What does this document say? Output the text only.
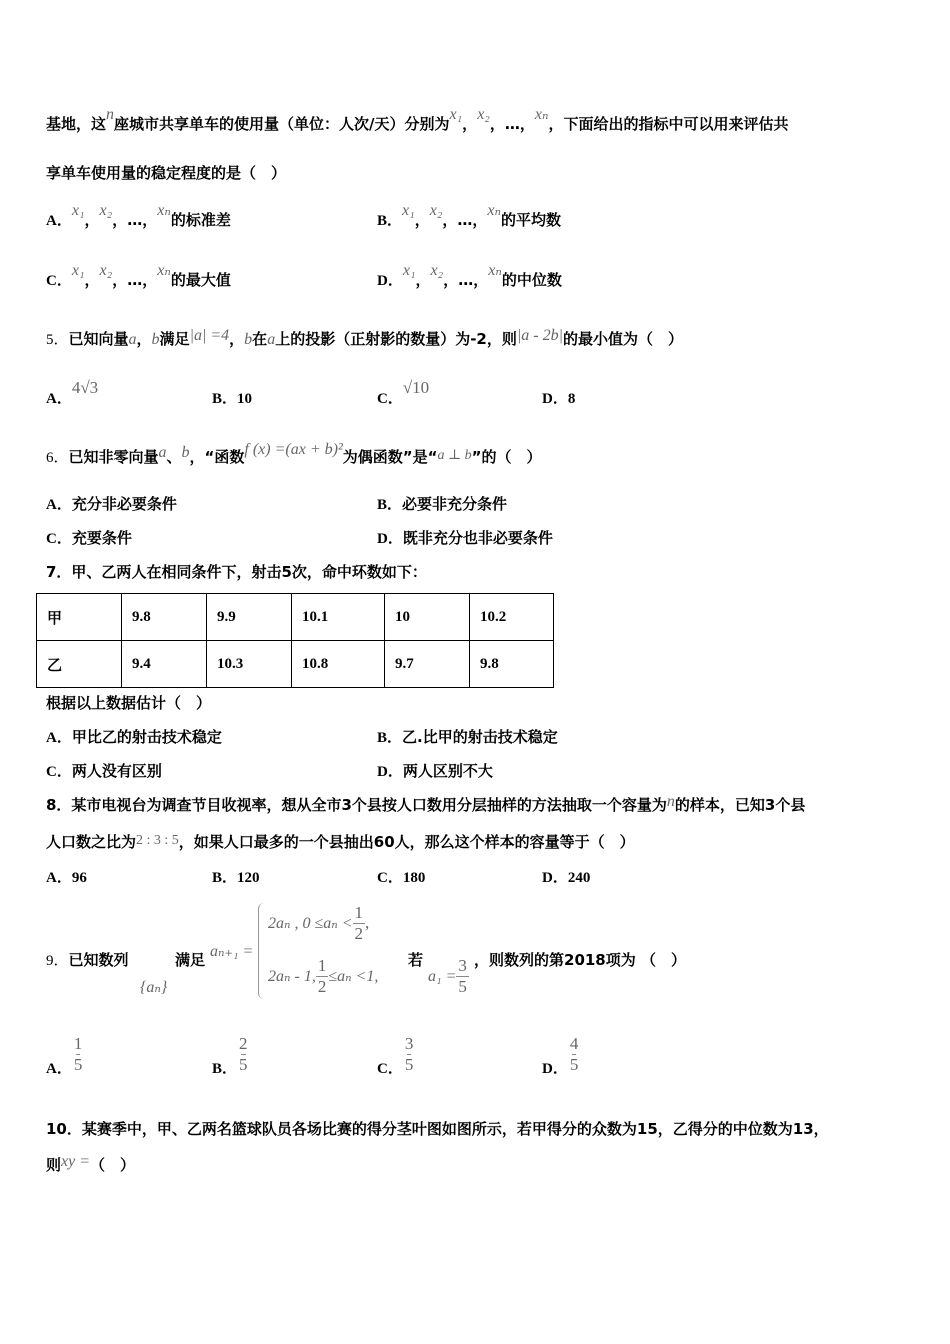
基地，这n座城市共享单车的使用量（单位：人次/天）分别为x₁，x₂，…，xₙ，下面给出的指标中可以用来评估共
享单车使用量的稳定程度的是（　）
A．x₁，x₂，…，xₙ的标准差	B．x₁，x₂，…，xₙ的平均数
C．x₁，x₂，…，xₙ的最大值	D．x₁，x₂，…，xₙ的中位数
5．已知向量a，b满足|a| =4，b在a上的投影（正射影的数量）为-2，则|a - 2b|的最小值为（　）
A．4√3
B．10	C．√10
D．8
6．已知非零向量a、b，“函数f (x) =(ax + b)²为偶函数”是“a ⊥ b”的（　）
A．充分非必要条件	B．必要非充分条件
C．充要条件	D．既非充分也非必要条件
7．甲、乙两人在相同条件下，射击5次，命中环数如下：
甲	9.8	9.9	10.1	10	10.2
乙	9.4	10.3	10.8	9.7	9.8
根据以上数据估计（　）
A．甲比乙的射击技术稳定	B．乙.比甲的射击技术稳定
C．两人没有区别	D．两人区别不大
8．某市电视台为调查节目收视率，想从全市3个县按人口数用分层抽样的方法抽取一个容量为n的样本，已知3个县
人口数之比为2 : 3 : 5，如果人口最多的一个县抽出60人，那么这个样本的容量等于（　）
A．96	B．120	C．180	D．240
9．已知数列
{aₙ}
满足 aₙ₊₁ =
2aₙ , $0 \le a_n < \frac{1}{2}$ ,
2aₙ - 1, $\frac{1}{2} \le a_n <1$,
若
$a_1 = \frac{3}{5}$ ，则数列的第2018项为 （　）
A． $\frac{1}{5}$	B． $\frac{2}{5}$	C． $\frac{3}{5}$	D． $\frac{4}{5}$
10．某赛季中，甲、乙两名篮球队员各场比赛的得分茎叶图如图所示，若甲得分的众数为15，乙得分的中位数为13，
则xy =（　）
